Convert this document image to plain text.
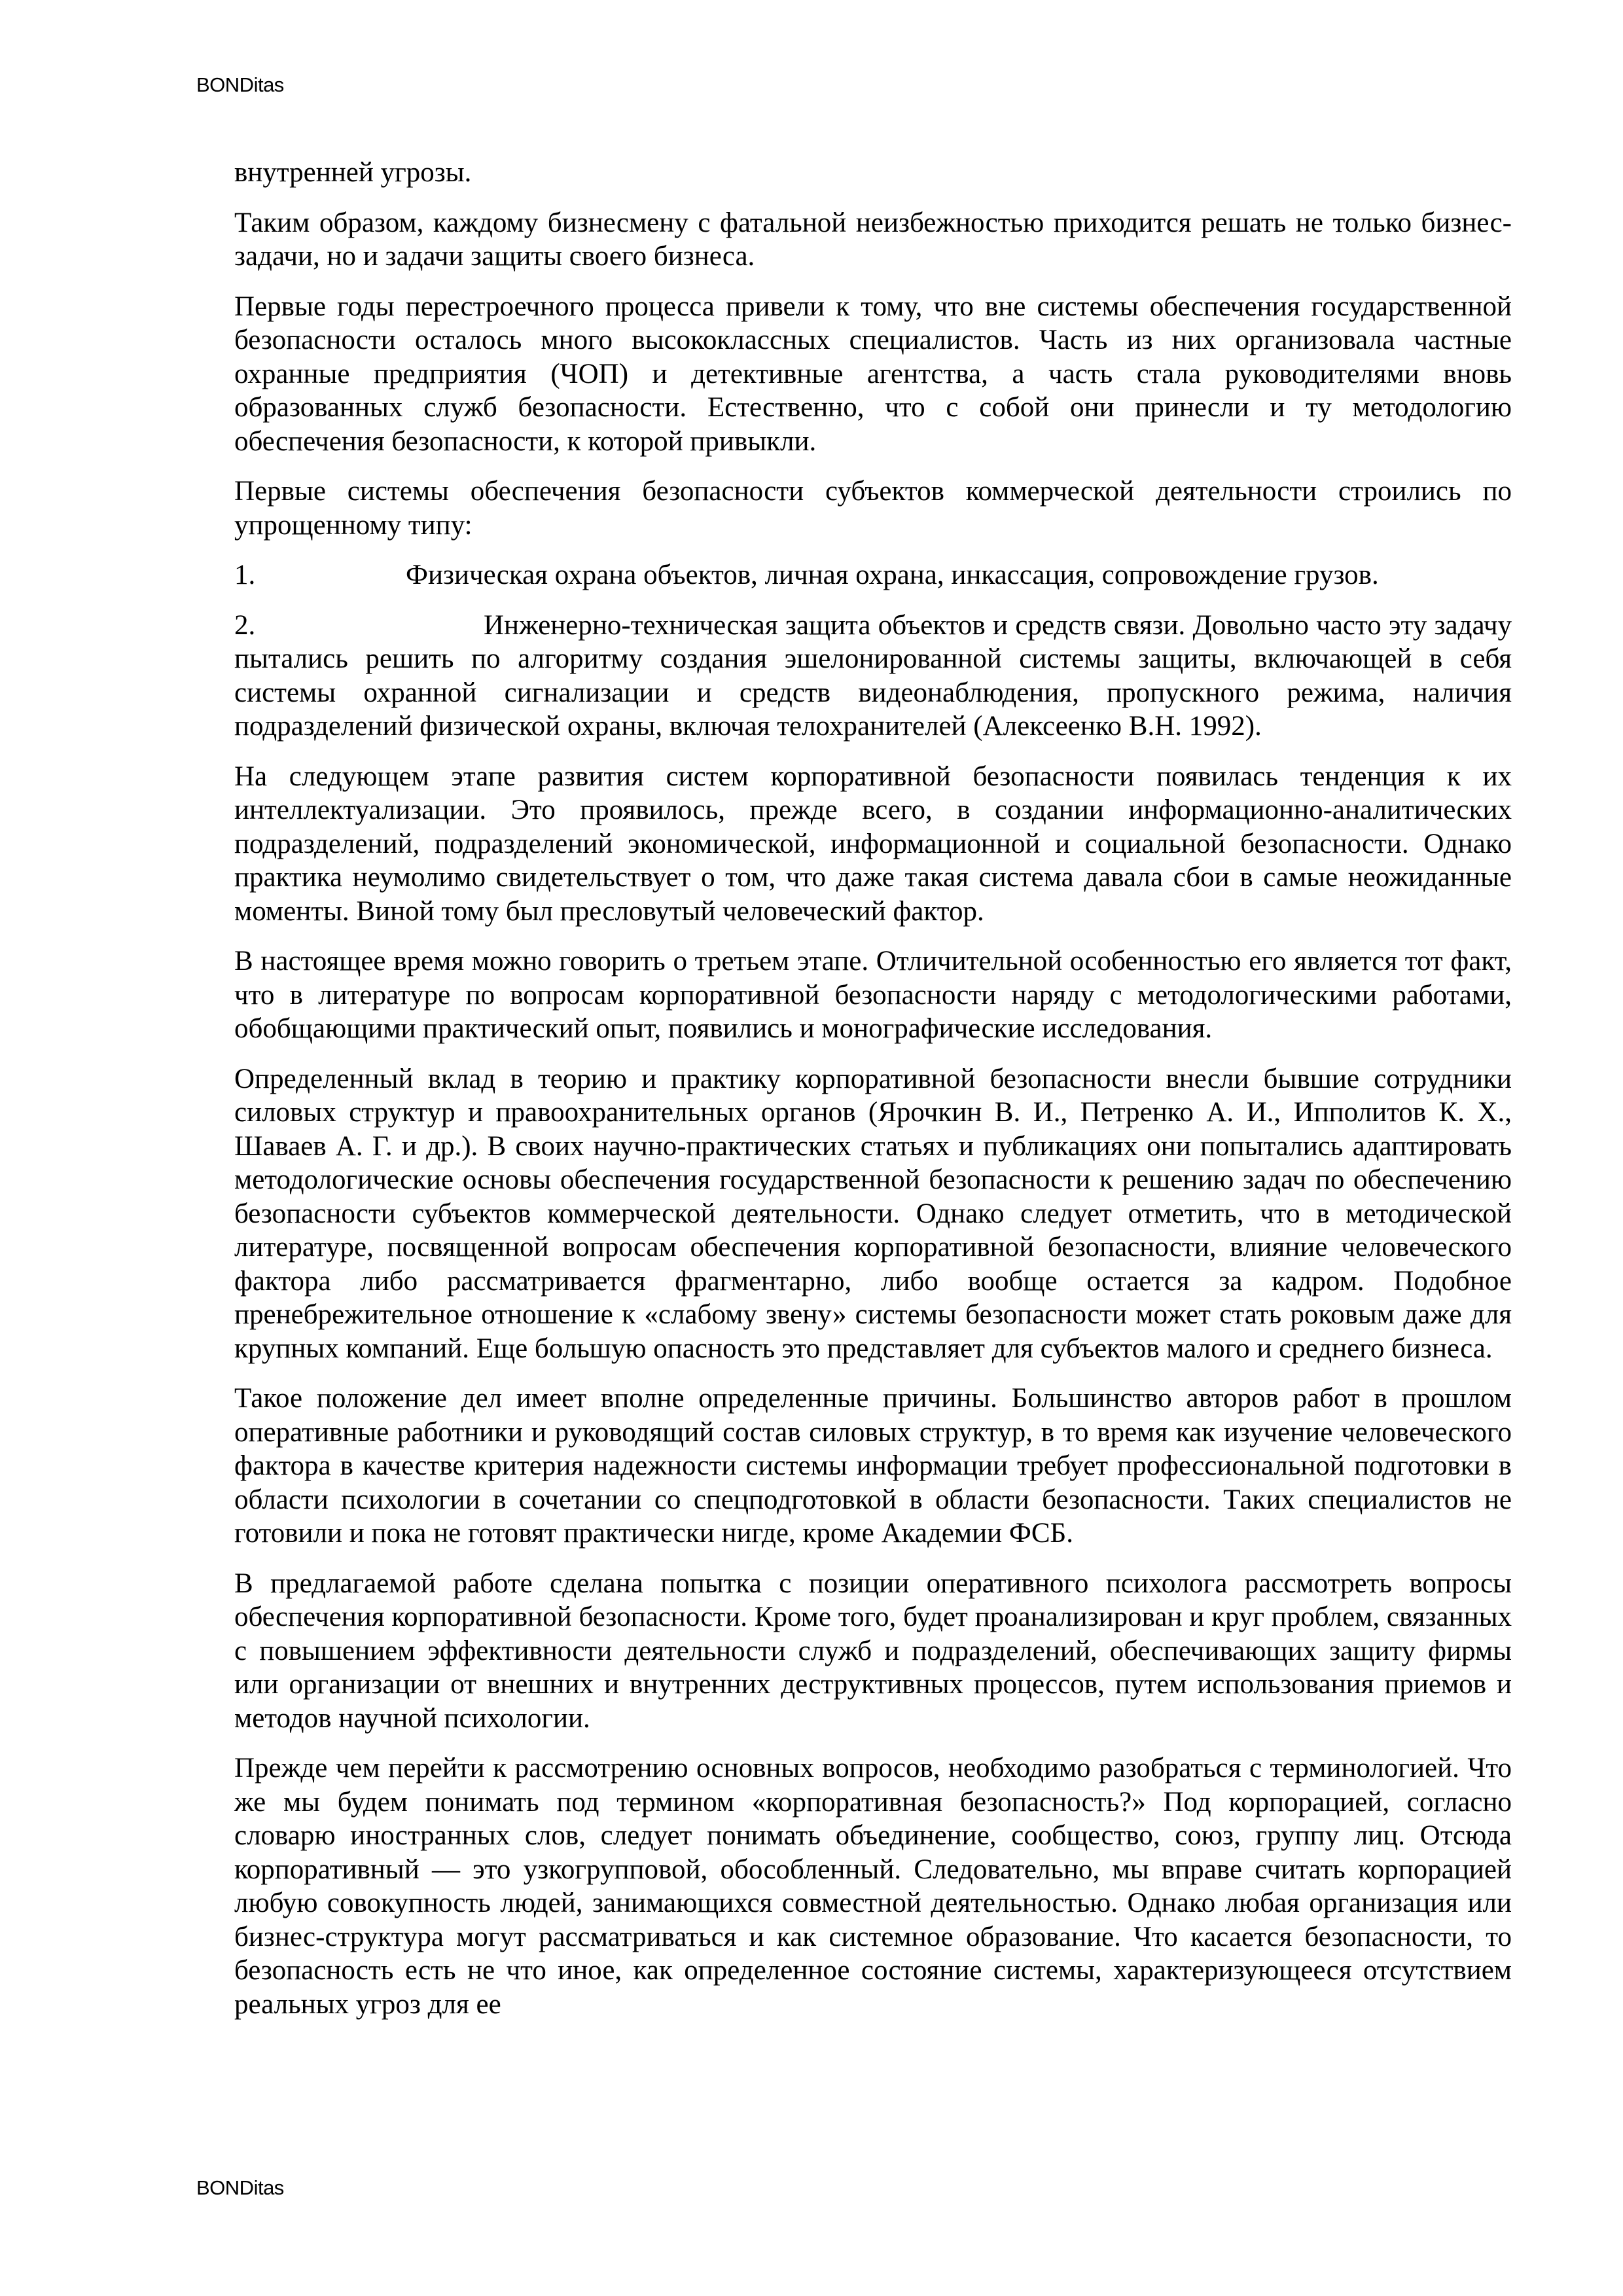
BONDitas

внутренней угрозы.

Таким образом, каждому бизнесмену с фатальной неизбежностью приходится решать не только бизнес-задачи, но и задачи защиты своего бизнеса.

Первые годы перестроечного процесса привели к тому, что вне системы обеспечения государственной безопасности осталось много высококлассных специалистов. Часть из них организовала частные охранные предприятия (ЧОП) и детективные агентства, а часть стала руководителями вновь образованных служб безопасности. Естественно, что с собой они принесли и ту методологию обеспечения безопасности, к которой привыкли.

Первые системы обеспечения безопасности субъектов коммерческой деятельности строились по упрощенному типу:

1.	Физическая охрана объектов, личная охрана, инкассация, сопровождение грузов.
2.	Инженерно-техническая защита объектов и средств связи. Довольно часто эту задачу пытались решить по алгоритму создания эшелонированной системы защиты, включающей в себя системы охранной сигнализации и средств видеонаблюдения, пропускного режима, наличия подразделений физической охраны, включая телохранителей (Алексеенко В.Н. 1992).

На следующем этапе развития систем корпоративной безопасности появилась тенденция к их интеллектуализации. Это проявилось, прежде всего, в создании информационно-аналитических подразделений, подразделений экономической, информационной и социальной безопасности. Однако практика неумолимо свидетельствует о том, что даже такая система давала сбои в самые неожиданные моменты. Виной тому был пресловутый человеческий фактор.

В настоящее время можно говорить о третьем этапе. Отличительной особенностью его является тот факт, что в литературе по вопросам корпоративной безопасности наряду с методологическими работами, обобщающими практический опыт, появились и монографические исследования.

Определенный вклад в теорию и практику корпоративной безопасности внесли бывшие сотрудники силовых структур и правоохранительных органов (Ярочкин В. И., Петренко А. И., Ипполитов К. Х., Шаваев А. Г. и др.). В своих научно-практических статьях и публикациях они попытались адаптировать методологические основы обеспечения государственной безопасности к решению задач по обеспечению безопасности субъектов коммерческой деятельности. Однако следует отметить, что в методической литературе, посвященной вопросам обеспечения корпоративной безопасности, влияние человеческого фактора либо рассматривается фрагментарно, либо вообще остается за кадром. Подобное пренебрежительное отношение к «слабому звену» системы безопасности может стать роковым даже для крупных компаний. Еще большую опасность это представляет для субъектов малого и среднего бизнеса.

Такое положение дел имеет вполне определенные причины. Большинство авторов работ в прошлом оперативные работники и руководящий состав силовых структур, в то время как изучение человеческого фактора в качестве критерия надежности системы информации требует профессиональной подготовки в области психологии в сочетании со спецподготовкой в области безопасности. Таких специалистов не готовили и пока не готовят практически нигде, кроме Академии ФСБ.

В предлагаемой работе сделана попытка с позиции оперативного психолога рассмотреть вопросы обеспечения корпоративной безопасности. Кроме того, будет проанализирован и круг проблем, связанных с повышением эффективности деятельности служб и подразделений, обеспечивающих защиту фирмы или организации от внешних и внутренних деструктивных процессов, путем использования приемов и методов научной психологии.

Прежде чем перейти к рассмотрению основных вопросов, необходимо разобраться с терминологией. Что же мы будем понимать под термином «корпоративная безопасность?» Под корпорацией, согласно словарю иностранных слов, следует понимать объединение, сообщество, союз, группу лиц. Отсюда корпоративный — это узкогрупповой, обособленный. Следовательно, мы вправе считать корпорацией любую совокупность людей, занимающихся совместной деятельностью. Однако любая организация или бизнес-структура могут рассматриваться и как системное образование. Что касается безопасности, то безопасность есть не что иное, как определенное состояние системы, характеризующееся отсутствием реальных угроз для ее

BONDitas
